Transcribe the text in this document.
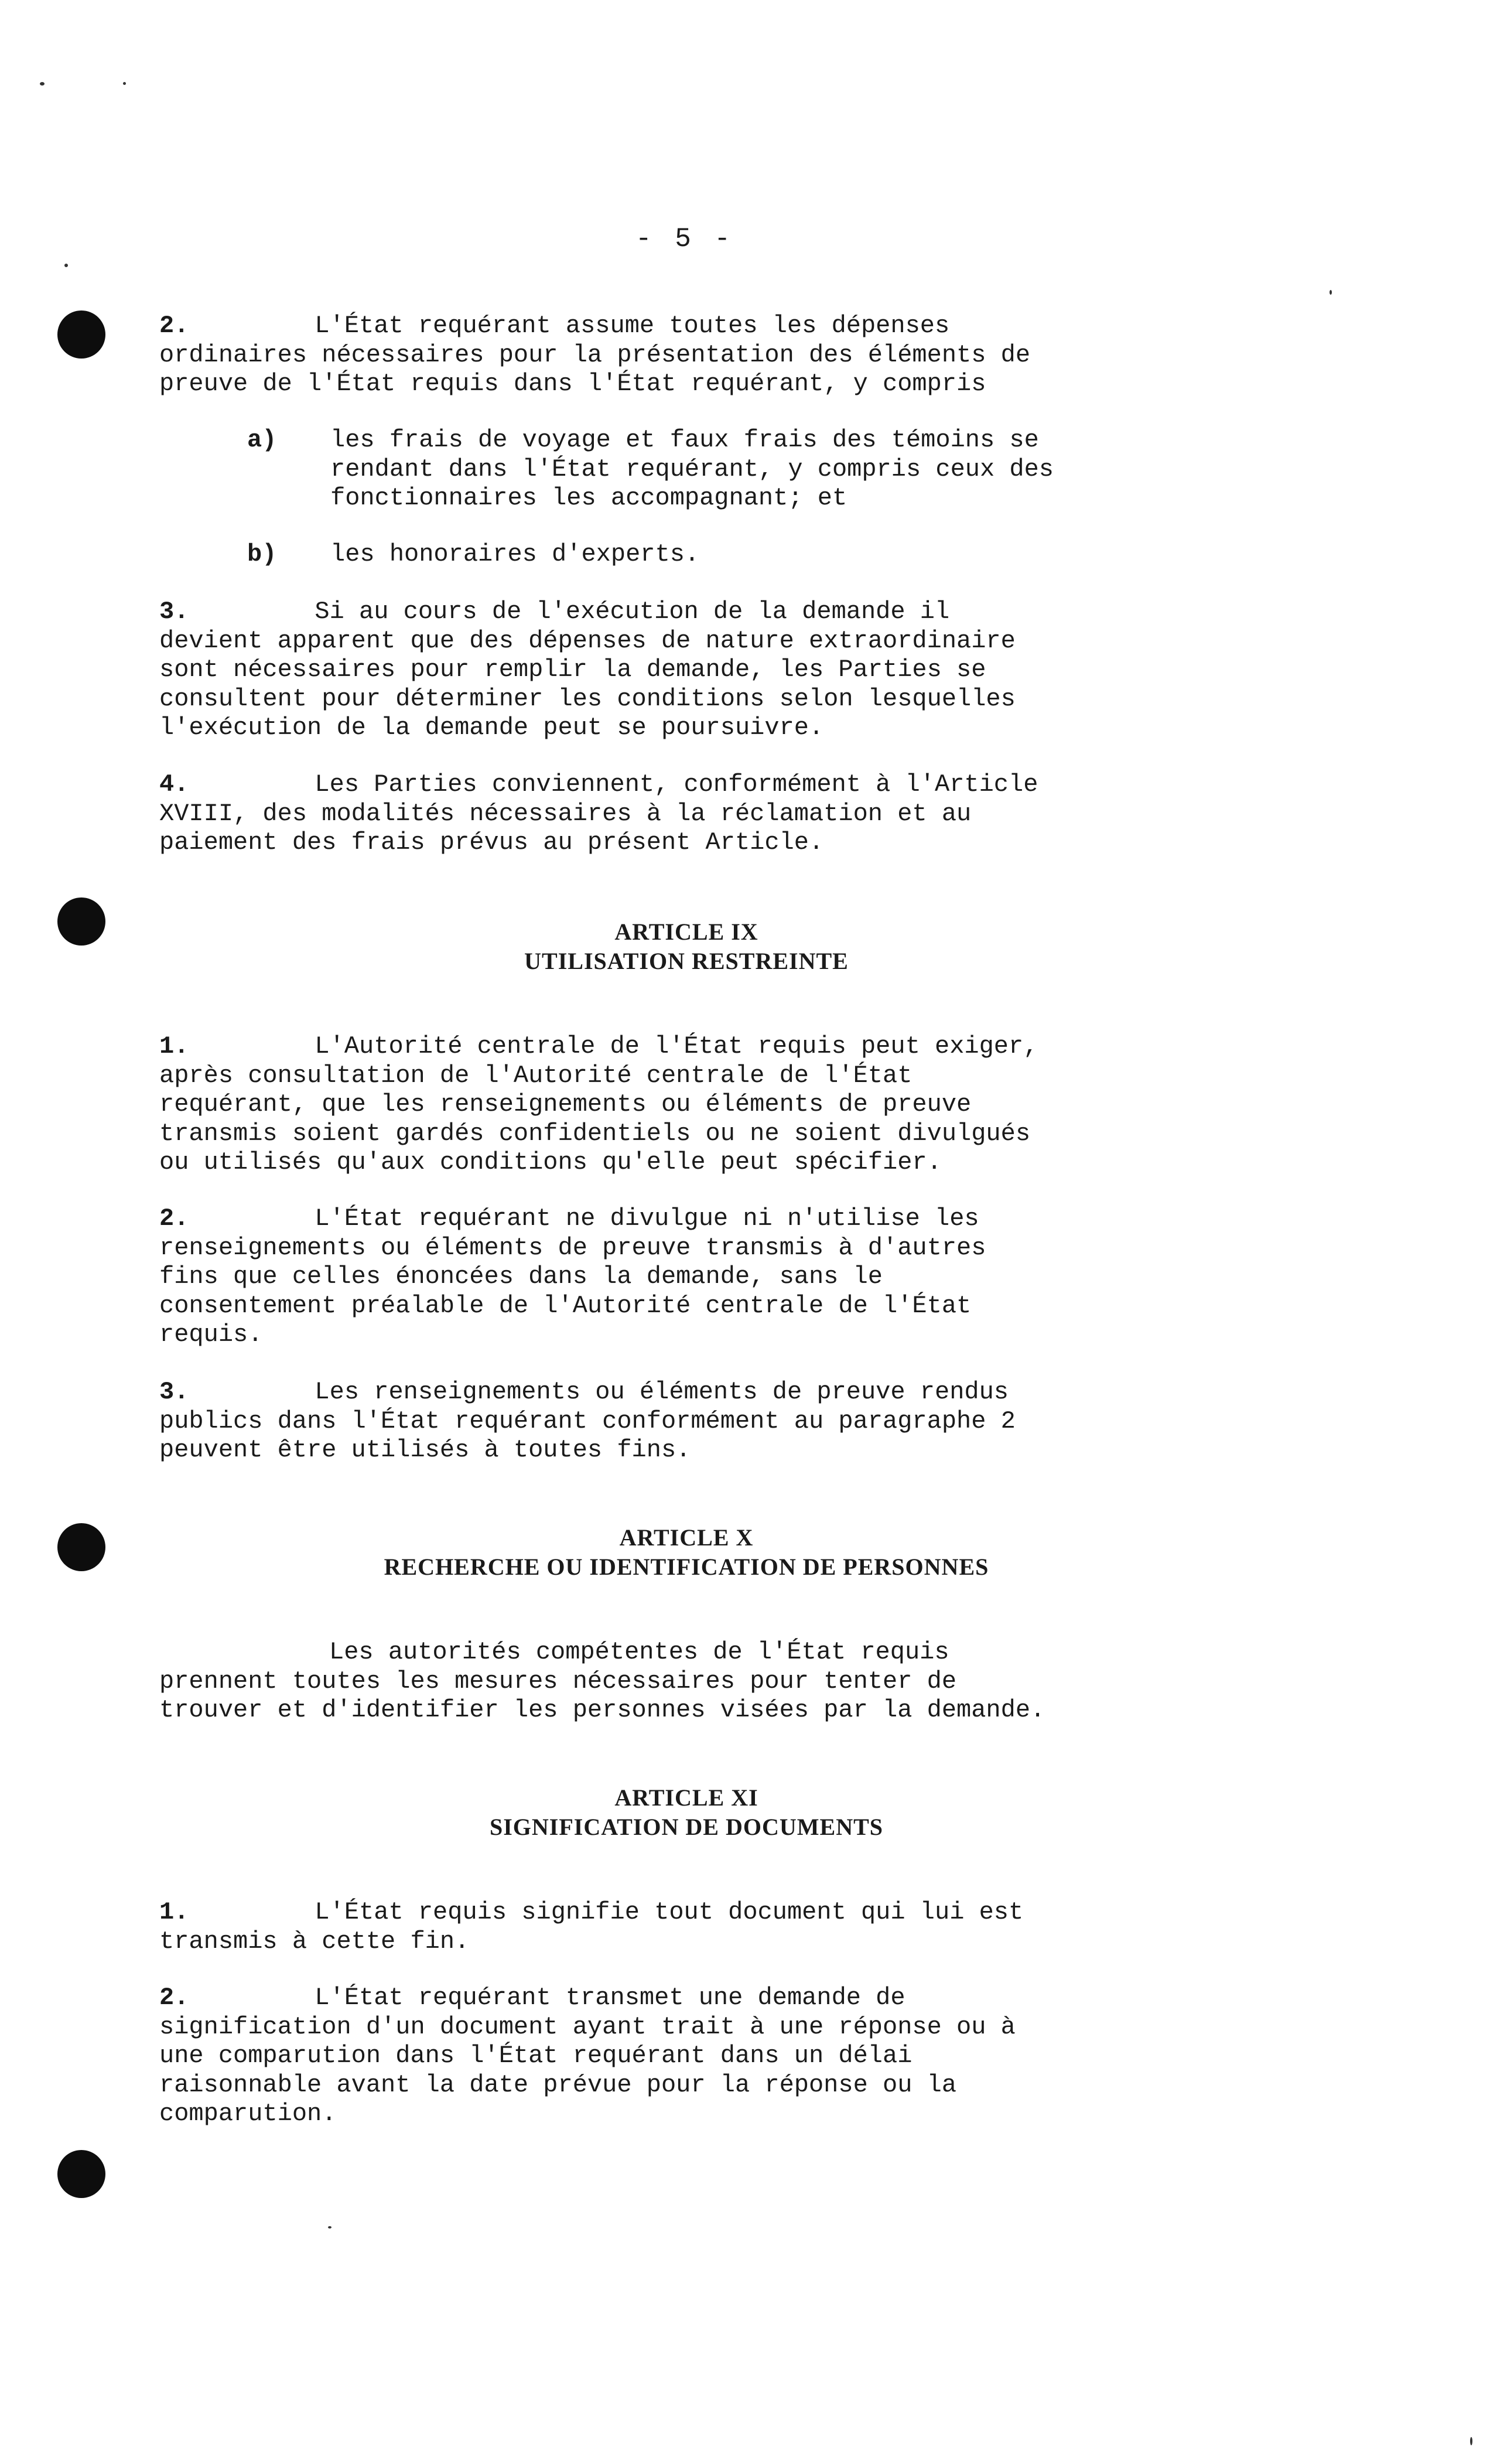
- 5 -
2.	L'État requérant assume toutes les dépenses
ordinaires nécessaires pour la présentation des éléments de
preuve de l'État requis dans l'État requérant, y compris
a) les frais de voyage et faux frais des témoins se
rendant dans l'État requérant, y compris ceux des
fonctionnaires les accompagnant; et
b) les honoraires d'experts.
3.	Si au cours de l'exécution de la demande il
devient apparent que des dépenses de nature extraordinaire
sont nécessaires pour remplir la demande, les Parties se
consultent pour déterminer les conditions selon lesquelles
l'exécution de la demande peut se poursuivre.
4.	Les Parties conviennent, conformément à l'Article
XVIII, des modalités nécessaires à la réclamation et au
paiement des frais prévus au présent Article.
ARTICLE IX
UTILISATION RESTREINTE
1.	L'Autorité centrale de l'État requis peut exiger,
après consultation de l'Autorité centrale de l'État
requérant, que les renseignements ou éléments de preuve
transmis soient gardés confidentiels ou ne soient divulgués
ou utilisés qu'aux conditions qu'elle peut spécifier.
2.	L'État requérant ne divulgue ni n'utilise les
renseignements ou éléments de preuve transmis à d'autres
fins que celles énoncées dans la demande, sans le
consentement préalable de l'Autorité centrale de l'État
requis.
3.	Les renseignements ou éléments de preuve rendus
publics dans l'État requérant conformément au paragraphe 2
peuvent être utilisés à toutes fins.
ARTICLE X
RECHERCHE OU IDENTIFICATION DE PERSONNES
Les autorités compétentes de l'État requis
prennent toutes les mesures nécessaires pour tenter de
trouver et d'identifier les personnes visées par la demande.
ARTICLE XI
SIGNIFICATION DE DOCUMENTS
1.	L'État requis signifie tout document qui lui est
transmis à cette fin.
2.	L'État requérant transmet une demande de
signification d'un document ayant trait à une réponse ou à
une comparution dans l'État requérant dans un délai
raisonnable avant la date prévue pour la réponse ou la
comparution.
